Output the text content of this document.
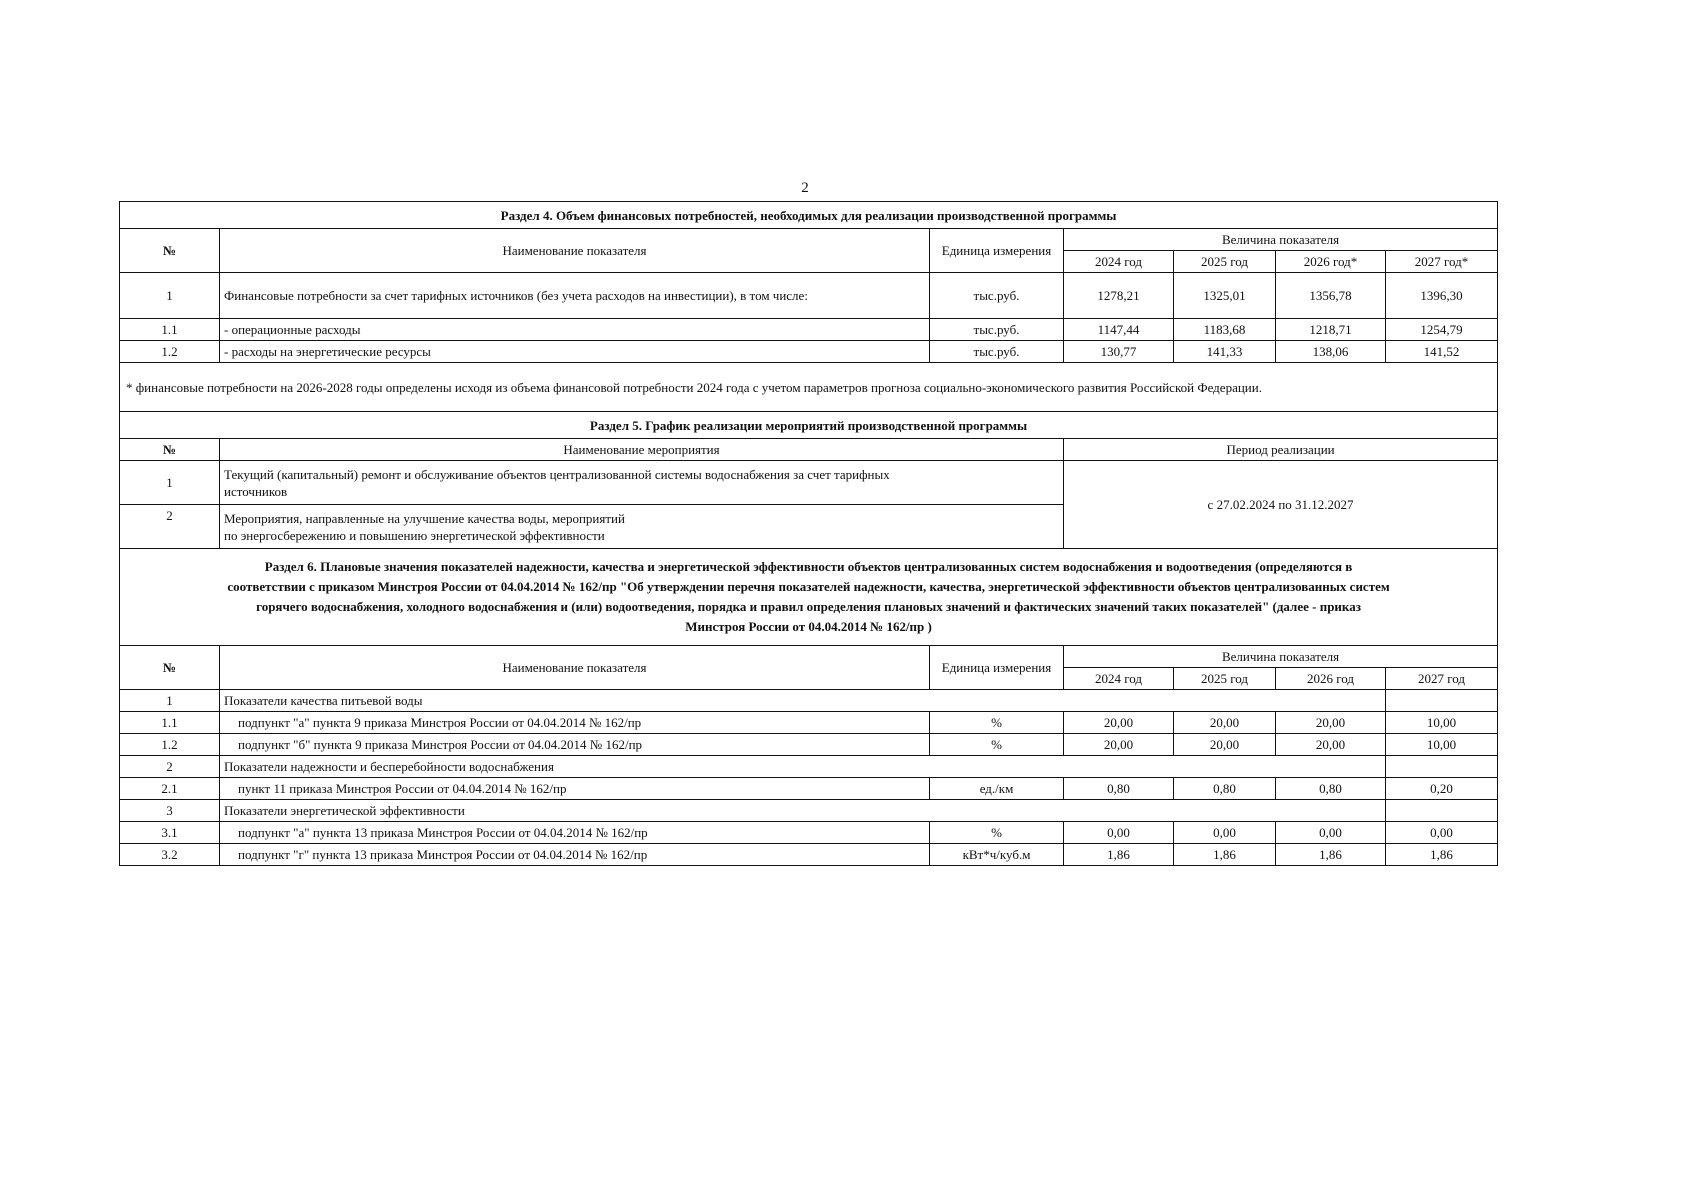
2
Раздел 4. Объем финансовых потребностей, необходимых для реализации производственной программы						
№	Наименование показателя	Единица измерения	Величина показателя			
			2024 год	2025 год	2026 год*	2027 год*
1	Финансовые потребности за счет тарифных источников (без учета расходов на инвестиции), в том числе:	тыс.руб.	1278,21	1325,01	1356,78	1396,30
1.1	- операционные расходы	тыс.руб.	1147,44	1183,68	1218,71	1254,79
1.2	- расходы на энергетические ресурсы	тыс.руб.	130,77	141,33	138,06	141,52
* финансовые потребности на 2026-2028 годы определены исходя из объема финансовой потребности 2024 года с учетом параметров прогноза социально-экономического развития Российской Федерации.						
Раздел 5. График реализации мероприятий производственной программы						
№	Наименование мероприятия		Период реализации			
1	Текущий (капитальный) ремонт и обслуживание объектов централизованной системы водоснабжения за счет тарифных
источников		с 27.02.2024 по 31.12.2027			
2	Мероприятия, направленные на улучшение качества воды, мероприятий
по энергосбережению и повышению энергетической эффективности					

Раздел 6. Плановые значения показателей надежности, качества и энергетической эффективности объектов централизованных систем водоснабжения и водоотведения (определяются в
соответствии с приказом Минстроя России от 04.04.2014 № 162/пр "Об утверждении перечня показателей надежности, качества, энергетической эффективности объектов централизованных систем
горячего водоснабжения, холодного водоснабжения и (или) водоотведения, порядка и правил определения плановых значений и фактических значений таких показателей" (далее - приказ
Минстроя России от 04.04.2014 № 162/пр )						

№	Наименование показателя	Единица измерения	Величина показателя			
			2024 год	2025 год	2026 год	2027 год
1	Показатели качества питьевой воды					
1.1	подпункт "а" пункта 9 приказа Минстроя России от 04.04.2014 № 162/пр	%	20,00	20,00	20,00	10,00
1.2	подпункт "б" пункта 9 приказа Минстроя России от 04.04.2014 № 162/пр	%	20,00	20,00	20,00	10,00
2	Показатели надежности и бесперебойности водоснабжения					
2.1	пункт 11 приказа Минстроя России от 04.04.2014 № 162/пр	ед./км	0,80	0,80	0,80	0,20
3	Показатели энергетической эффективности					
3.1	подпункт "а" пункта 13 приказа Минстроя России от 04.04.2014 № 162/пр	%	0,00	0,00	0,00	0,00
3.2	подпункт "г" пункта 13 приказа Минстроя России от 04.04.2014 № 162/пр	кВт*ч/куб.м	1,86	1,86	1,86	1,86
